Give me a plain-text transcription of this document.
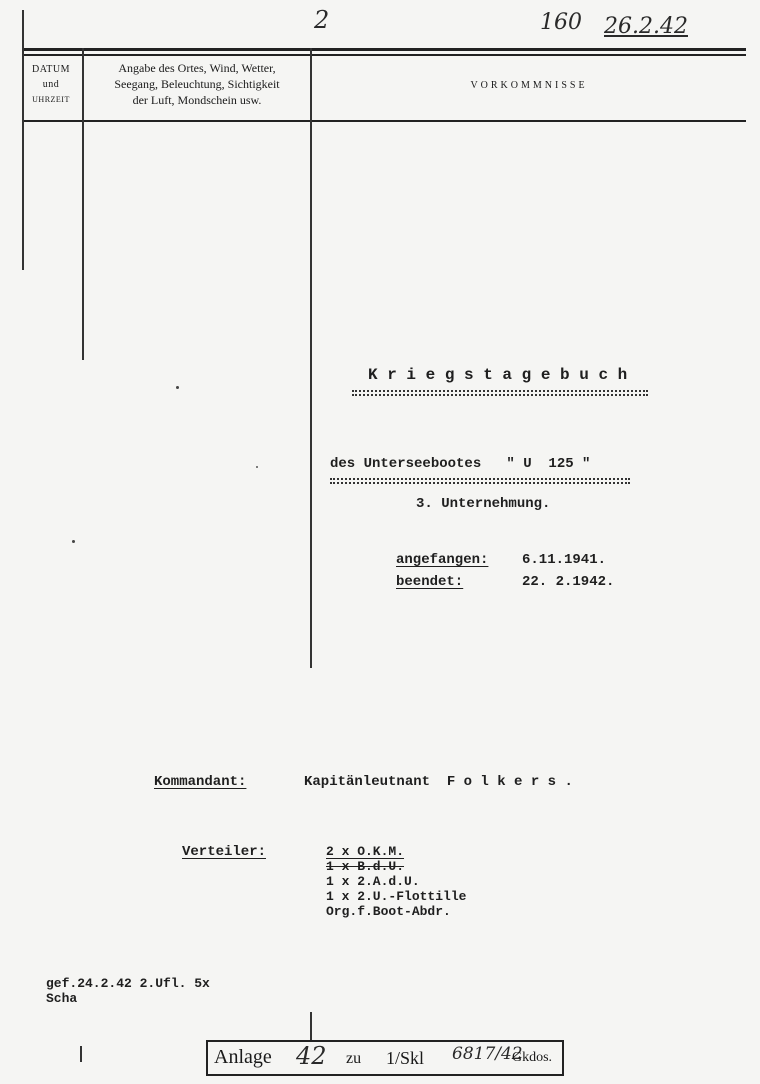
2	160 26.2.42
DATUM
und
UHRZEIT
Angabe des Ortes, Wind, Wetter,
Seegang, Beleuchtung, Sichtigkeit
der Luft, Mondschein usw.
VORKOMMNISSE
K r i e g s t a g e b u c h
des Unterseebootes   " U  125 "
3. Unternehmung.
angefangen: 6.11.1941.
beendet:	22. 2.1942.
Kommandant:	Kapitänleutnant  F o l k e r s .
Verteiler:	2 x O.K.M.
1 x B.d.U.
1 x 2.A.d.U.
1 x 2.U.-Flottille
Org.f.Boot-Abdr.
gef.24.2.42 2.Ufl. 5x
Scha
Anlage 42 zu 1/Skl 6817/42
Gkdos.
